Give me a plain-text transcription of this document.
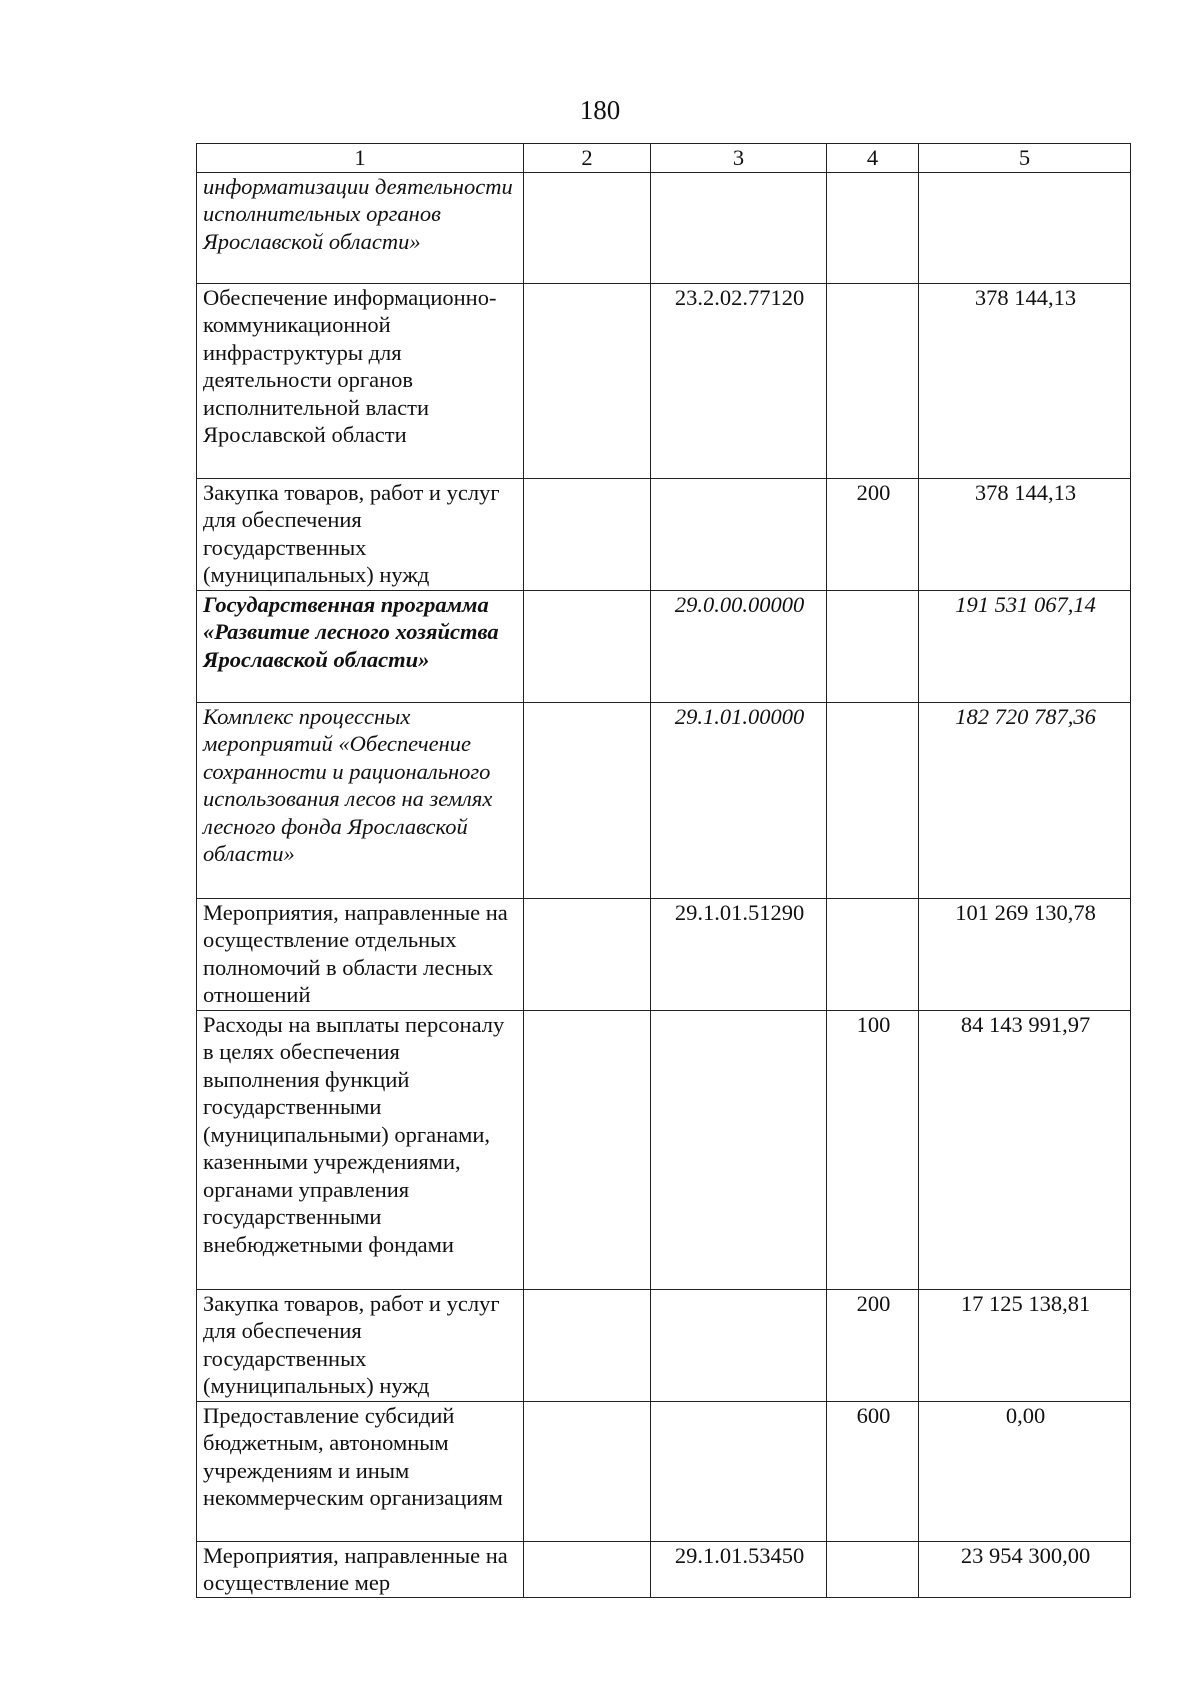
180
1	2	3	4	5
информатизации деятельности исполнительных органов Ярославской области»				
Обеспечение информационно-коммуникационной инфраструктуры для деятельности органов исполнительной власти Ярославской области		23.2.02.77120		378 144,13
Закупка товаров, работ и услуг для обеспечения государственных (муниципальных) нужд			200	378 144,13
Государственная программа «Развитие лесного хозяйства Ярославской области»		29.0.00.00000		191 531 067,14
Комплекс процессных мероприятий «Обеспечение сохранности и рационального использования лесов на землях лесного фонда Ярославской области»		29.1.01.00000		182 720 787,36
Мероприятия, направленные на осуществление отдельных полномочий в области лесных отношений		29.1.01.51290		101 269 130,78
Расходы на выплаты персоналу в целях обеспечения выполнения функций государственными (муниципальными) органами, казенными учреждениями, органами управления государственными внебюджетными фондами			100	84 143 991,97
Закупка товаров, работ и услуг для обеспечения государственных (муниципальных) нужд			200	17 125 138,81
Предоставление субсидий бюджетным, автономным учреждениям и иным некоммерческим организациям			600	0,00
Мероприятия, направленные на осуществление мер		29.1.01.53450		23 954 300,00
